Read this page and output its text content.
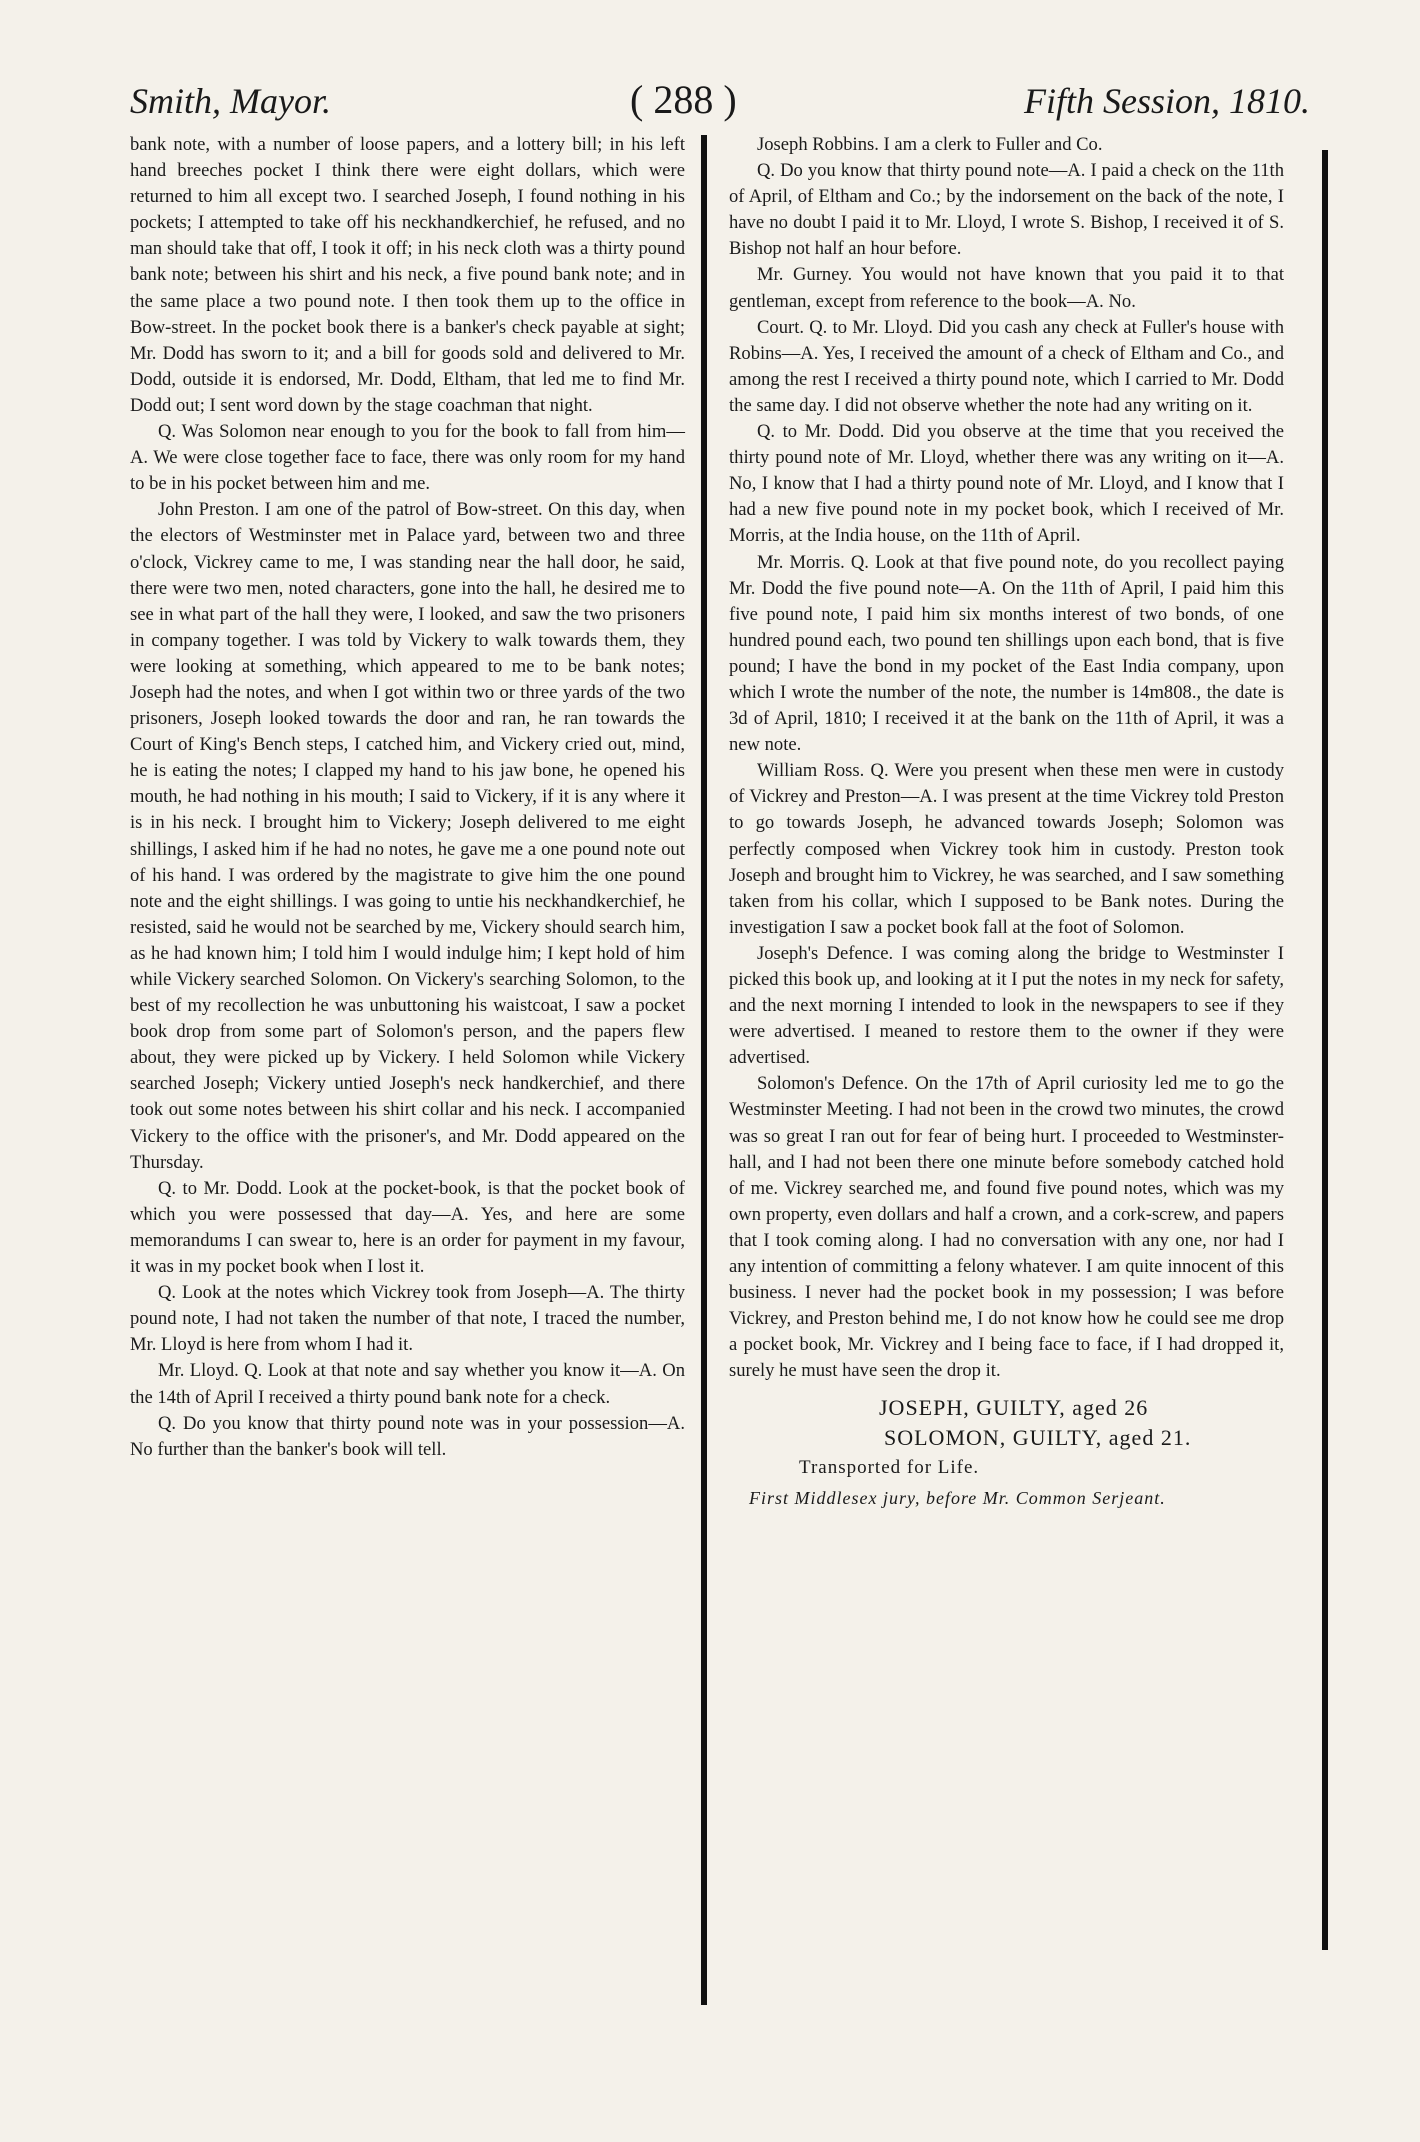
Smith, Mayor.	( 288 )	Fifth Session, 1810.

bank note, with a number of loose papers, and a lottery bill; in his left hand breeches pocket I think there were eight dollars, which were returned to him all except two. I searched Joseph, I found nothing in his pockets; I attempted to take off his neckhandkerchief, he refused, and no man should take that off, I took it off; in his neck cloth was a thirty pound bank note; between his shirt and his neck, a five pound bank note; and in the same place a two pound note. I then took them up to the office in Bow-street. In the pocket book there is a banker's check payable at sight; Mr. Dodd has sworn to it; and a bill for goods sold and delivered to Mr. Dodd, outside it is endorsed, Mr. Dodd, Eltham, that led me to find Mr. Dodd out; I sent word down by the stage coachman that night.

Q. Was Solomon near enough to you for the book to fall from him—A. We were close together face to face, there was only room for my hand to be in his pocket between him and me.

John Preston. I am one of the patrol of Bow-street. On this day, when the electors of Westminster met in Palace yard, between two and three o'clock, Vickrey came to me, I was standing near the hall door, he said, there were two men, noted characters, gone into the hall, he desired me to see in what part of the hall they were, I looked, and saw the two prisoners in company together. I was told by Vickery to walk towards them, they were looking at something, which appeared to me to be bank notes; Joseph had the notes, and when I got within two or three yards of the two prisoners, Joseph looked towards the door and ran, he ran towards the Court of King's Bench steps, I catched him, and Vickery cried out, mind, he is eating the notes; I clapped my hand to his jaw bone, he opened his mouth, he had nothing in his mouth; I said to Vickery, if it is any where it is in his neck. I brought him to Vickery; Joseph delivered to me eight shillings, I asked him if he had no notes, he gave me a one pound note out of his hand. I was ordered by the magistrate to give him the one pound note and the eight shillings. I was going to untie his neckhandkerchief, he resisted, said he would not be searched by me, Vickery should search him, as he had known him; I told him I would indulge him; I kept hold of him while Vickery searched Solomon. On Vickery's searching Solomon, to the best of my recollection he was unbuttoning his waistcoat, I saw a pocket book drop from some part of Solomon's person, and the papers flew about, they were picked up by Vickery. I held Solomon while Vickery searched Joseph; Vickery untied Joseph's neck handkerchief, and there took out some notes between his shirt collar and his neck. I accompanied Vickery to the office with the prisoner's, and Mr. Dodd appeared on the Thursday.

Q. to Mr. Dodd. Look at the pocket-book, is that the pocket book of which you were possessed that day—A. Yes, and here are some memorandums I can swear to, here is an order for payment in my favour, it was in my pocket book when I lost it.

Q. Look at the notes which Vickrey took from Joseph—A. The thirty pound note, I had not taken the number of that note, I traced the number, Mr. Lloyd is here from whom I had it.

Mr. Lloyd. Q. Look at that note and say whether you know it—A. On the 14th of April I received a thirty pound bank note for a check.

Q. Do you know that thirty pound note was in your possession—A. No further than the banker's book will tell.

Joseph Robbins. I am a clerk to Fuller and Co.

Q. Do you know that thirty pound note—A. I paid a check on the 11th of April, of Eltham and Co.; by the indorsement on the back of the note, I have no doubt I paid it to Mr. Lloyd, I wrote S. Bishop, I received it of S. Bishop not half an hour before.

Mr. Gurney. You would not have known that you paid it to that gentleman, except from reference to the book—A. No.

Court. Q. to Mr. Lloyd. Did you cash any check at Fuller's house with Robins—A. Yes, I received the amount of a check of Eltham and Co., and among the rest I received a thirty pound note, which I carried to Mr. Dodd the same day. I did not observe whether the note had any writing on it.

Q. to Mr. Dodd. Did you observe at the time that you received the thirty pound note of Mr. Lloyd, whether there was any writing on it—A. No, I know that I had a thirty pound note of Mr. Lloyd, and I know that I had a new five pound note in my pocket book, which I received of Mr. Morris, at the India house, on the 11th of April.

Mr. Morris. Q. Look at that five pound note, do you recollect paying Mr. Dodd the five pound note—A. On the 11th of April, I paid him this five pound note, I paid him six months interest of two bonds, of one hundred pound each, two pound ten shillings upon each bond, that is five pound; I have the bond in my pocket of the East India company, upon which I wrote the number of the note, the number is 14m808., the date is 3d of April, 1810; I received it at the bank on the 11th of April, it was a new note.

William Ross. Q. Were you present when these men were in custody of Vickrey and Preston—A. I was present at the time Vickrey told Preston to go towards Joseph, he advanced towards Joseph; Solomon was perfectly composed when Vickrey took him in custody. Preston took Joseph and brought him to Vickrey, he was searched, and I saw something taken from his collar, which I supposed to be Bank notes. During the investigation I saw a pocket book fall at the foot of Solomon.

Joseph's Defence. I was coming along the bridge to Westminster I picked this book up, and looking at it I put the notes in my neck for safety, and the next morning I intended to look in the newspapers to see if they were advertised. I meaned to restore them to the owner if they were advertised.

Solomon's Defence. On the 17th of April curiosity led me to go the Westminster Meeting. I had not been in the crowd two minutes, the crowd was so great I ran out for fear of being hurt. I proceeded to Westminster-hall, and I had not been there one minute before somebody catched hold of me. Vickrey searched me, and found five pound notes, which was my own property, even dollars and half a crown, and a cork-screw, and papers that I took coming along. I had no conversation with any one, nor had I any intention of committing a felony whatever. I am quite innocent of this business. I never had the pocket book in my possession; I was before Vickrey, and Preston behind me, I do not know how he could see me drop a pocket book, Mr. Vickrey and I being face to face, if I had dropped it, surely he must have seen the drop it.

JOSEPH, GUILTY, aged 26
SOLOMON, GUILTY, aged 21.
Transported for Life.
First Middlesex jury, before Mr. Common Serjeant.
